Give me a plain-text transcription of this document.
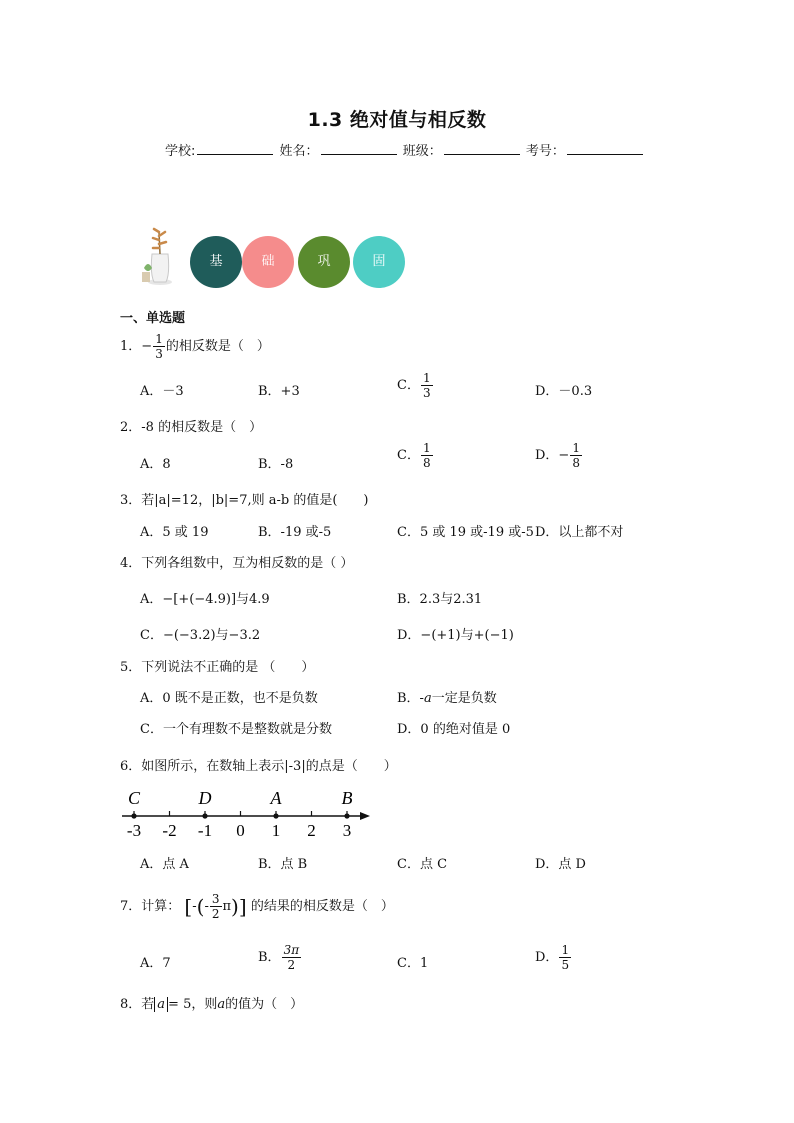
1.3 绝对值与相反数
学校:	姓名：	班级：	考号：
基	础	巩	固
一、单选题
1．− $\frac{1}{3}$ 的相反数是（　）
A．－3	B．+3	C． $\frac{1}{3}$	D．－0.3
2．-8 的相反数是（　）
A．8	B．-8
C． $\frac{1}{8}$	D．− $\frac{1}{8}$
3．若|a|=12，|b|=7,则 a-b 的值是(　　)
A．5 或 19	B．-19 或-5	C．5 或 19 或-19 或-5 D．以上都不对
4．下列各组数中，互为相反数的是（ ）
A．−[+(−4.9)]与4.9	B．2.3与2.31
C．−(−3.2)与−3.2	D．−(+1)与+(−1)
5．下列说法不正确的是 （　　）
A．0 既不是正数，也不是负数	B．-a一定是负数
C．一个有理数不是整数就是分数	D．0 的绝对值是 0
6．如图所示，在数轴上表示|-3|的点是（　　）
-3 -2 -1 0 1 2 3
C	D	A	B
A．点 A	B．点 B	C．点 C	D．点 D
7．计算： [-(- $\frac{3}{2} \pi$)] 的结果的相反数是（　）
A．7	B． $\frac{3\pi}{2}$	C．1	D． $\frac{1}{5}$
8．若 a = 5，则a的值为（　）
